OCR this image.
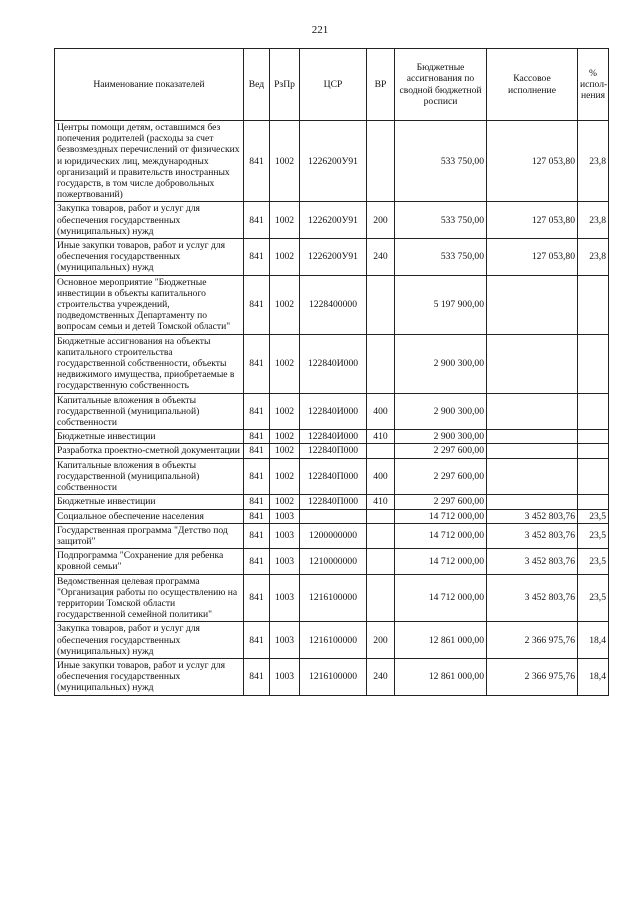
221
Наименование показателей	Вед	РзПр	ЦСР	ВР	Бюджетные ассигнования по сводной бюджетной росписи	Кассовое исполнение	% испол- нения
Центры помощи детям, оставшимся без попечения родителей (расходы за счет безвозмездных перечислений от физических и юридических лиц, международных организаций и правительств иностранных государств, в том числе добровольных пожертвований)	841	1002	1226200У91		533 750,00	127 053,80	23,8
Закупка товаров, работ и услуг для обеспечения государственных (муниципальных) нужд	841	1002	1226200У91	200	533 750,00	127 053,80	23,8
Иные закупки товаров, работ и услуг для обеспечения государственных (муниципальных) нужд	841	1002	1226200У91	240	533 750,00	127 053,80	23,8
Основное мероприятие "Бюджетные инвестиции в объекты капитального строительства учреждений, подведомственных Департаменту по вопросам семьи и детей Томской области"	841	1002	1228400000		5 197 900,00		
Бюджетные ассигнования на объекты капитального строительства государственной собственности, объекты недвижимого имущества, приобретаемые в государственную собственность	841	1002	122840И000		2 900 300,00		
Капитальные вложения в объекты государственной (муниципальной) собственности	841	1002	122840И000	400	2 900 300,00		
Бюджетные инвестиции	841	1002	122840И000	410	2 900 300,00		
Разработка проектно-сметной документации	841	1002	122840П000		2 297 600,00		
Капитальные вложения в объекты государственной (муниципальной) собственности	841	1002	122840П000	400	2 297 600,00		
Бюджетные инвестиции	841	1002	122840П000	410	2 297 600,00		
Социальное обеспечение населения	841	1003			14 712 000,00	3 452 803,76	23,5
Государственная программа "Детство под защитой"	841	1003	1200000000		14 712 000,00	3 452 803,76	23,5
Подпрограмма "Сохранение для ребенка кровной семьи"	841	1003	1210000000		14 712 000,00	3 452 803,76	23,5
Ведомственная целевая программа "Организация работы по осуществлению на территории Томской области государственной семейной политики"	841	1003	1216100000		14 712 000,00	3 452 803,76	23,5
Закупка товаров, работ и услуг для обеспечения государственных (муниципальных) нужд	841	1003	1216100000	200	12 861 000,00	2 366 975,76	18,4
Иные закупки товаров, работ и услуг для обеспечения государственных (муниципальных) нужд	841	1003	1216100000	240	12 861 000,00	2 366 975,76	18,4
